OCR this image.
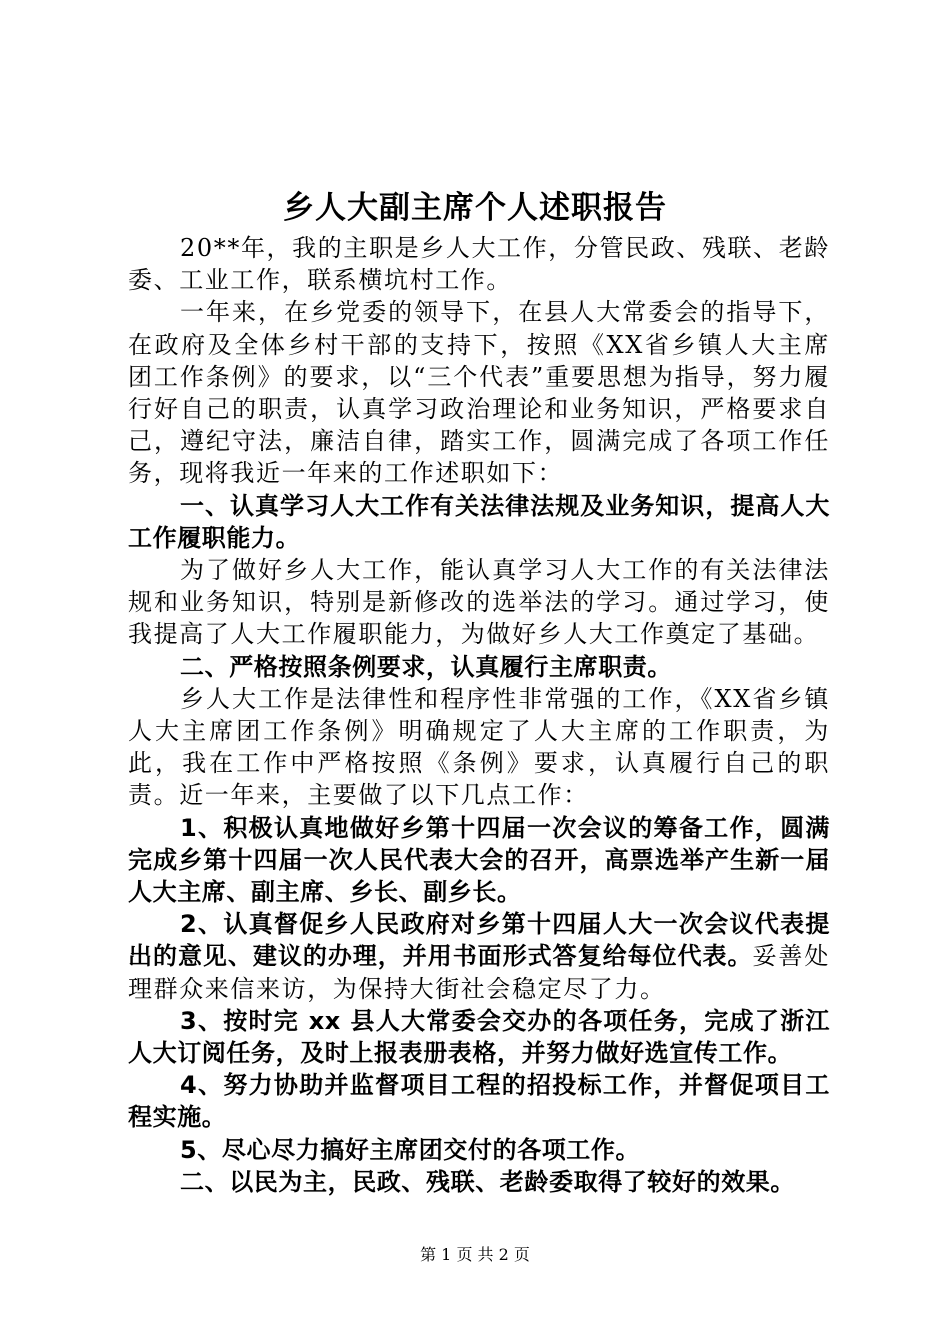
乡人大副主席个人述职报告

20**年，我的主职是乡人大工作，分管民政、残联、老龄委、工业工作，联系横坑村工作。

一年来，在乡党委的领导下，在县人大常委会的指导下，在政府及全体乡村干部的支持下，按照《XX省乡镇人大主席团工作条例》的要求，以“三个代表”重要思想为指导，努力履行好自己的职责，认真学习政治理论和业务知识，严格要求自己，遵纪守法，廉洁自律，踏实工作，圆满完成了各项工作任务，现将我近一年来的工作述职如下：

一、认真学习人大工作有关法律法规及业务知识，提高人大工作履职能力。

为了做好乡人大工作，能认真学习人大工作的有关法律法规和业务知识，特别是新修改的选举法的学习。通过学习，使我提高了人大工作履职能力，为做好乡人大工作奠定了基础。

二、严格按照条例要求，认真履行主席职责。

乡人大工作是法律性和程序性非常强的工作，《XX省乡镇人大主席团工作条例》明确规定了人大主席的工作职责，为此，我在工作中严格按照《条例》要求，认真履行自己的职责。近一年来，主要做了以下几点工作：

1、积极认真地做好乡第十四届一次会议的筹备工作，圆满完成乡第十四届一次人民代表大会的召开，高票选举产生新一届人大主席、副主席、乡长、副乡长。

2、认真督促乡人民政府对乡第十四届人大一次会议代表提出的意见、建议的办理，并用书面形式答复给每位代表。妥善处理群众来信来访，为保持大街社会稳定尽了力。

3、按时完 xx 县人大常委会交办的各项任务，完成了浙江人大订阅任务，及时上报表册表格，并努力做好选宣传工作。

4、努力协助并监督项目工程的招投标工作，并督促项目工程实施。

5、尽心尽力搞好主席团交付的各项工作。

二、以民为主，民政、残联、老龄委取得了较好的效果。

第 1 页 共 2 页
